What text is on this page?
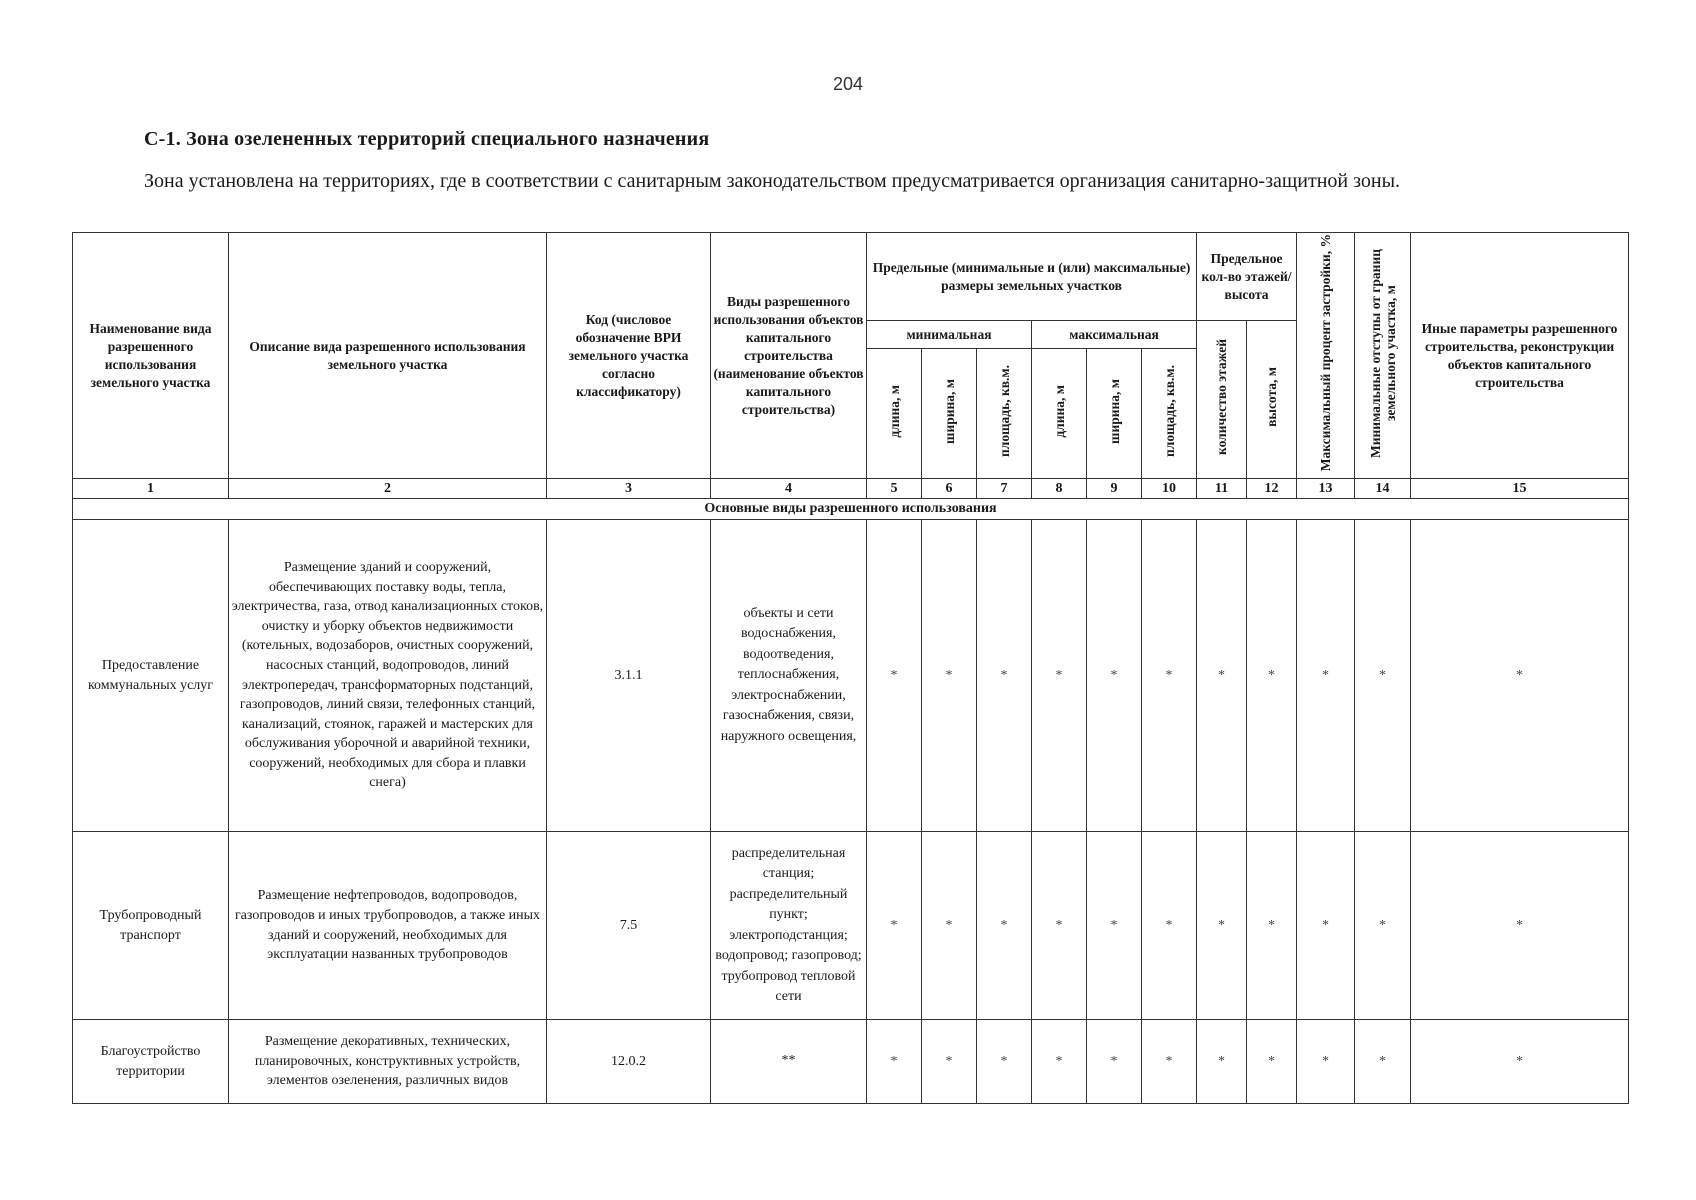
204
С-1. Зона озелененных территорий специального назначения
Зона установлена на территориях, где в соответствии с санитарным законодательством предусматривается организация санитарно-защитной зоны.
Наименование вида разрешенного использования земельного участка	Описание вида разрешенного использования земельного участка	Код (числовое обозначение ВРИ земельного участка согласно классификатору)	Виды разрешенного использования объектов капитального строительства (наименование объектов капитального строительства)	Предельные (минимальные и (или) максимальные) размеры земельных участков						Предельное кол-во этажей/ высота		Максимальный процент застройки, %	Минимальные отступы от границ земельного участка, м	Иные параметры разрешенного строительства, реконструкции объектов капитального строительства
				минимальная			максимальная			количество этажей	высота, м			
				длина, м	ширина, м	площадь, кв.м.	длина, м	ширина, м	площадь, кв.м.					
1	2	3	4	5	6	7	8	9	10	11	12	13	14	15
Основные виды разрешенного использования														
Предоставление коммунальных услуг	Размещение зданий и сооружений, обеспечивающих поставку воды, тепла, электричества, газа, отвод канализационных стоков, очистку и уборку объектов недвижимости (котельных, водозаборов, очистных сооружений, насосных станций, водопроводов, линий электропередач, трансформаторных подстанций, газопроводов, линий связи, телефонных станций, канализаций, стоянок, гаражей и мастерских для обслуживания уборочной и аварийной техники, сооружений, необходимых для сбора и плавки снега)	3.1.1	объекты и сети водоснабжения, водоотведения, теплоснабжения, электроснабжении, газоснабжения, связи, наружного освещения,	*	*	*	*	*	*	*	*	*	*	*
Трубопроводный транспорт	Размещение нефтепроводов, водопроводов, газопроводов и иных трубопроводов, а также иных зданий и сооружений, необходимых для эксплуатации названных трубопроводов	7.5	распределительная станция; распределительный пункт; электроподстанция; водопровод; газопровод; трубопровод тепловой сети	*	*	*	*	*	*	*	*	*	*	*
Благоустройство территории	Размещение декоративных, технических, планировочных, конструктивных устройств, элементов озеленения, различных видов	12.0.2	**	*	*	*	*	*	*	*	*	*	*	*
